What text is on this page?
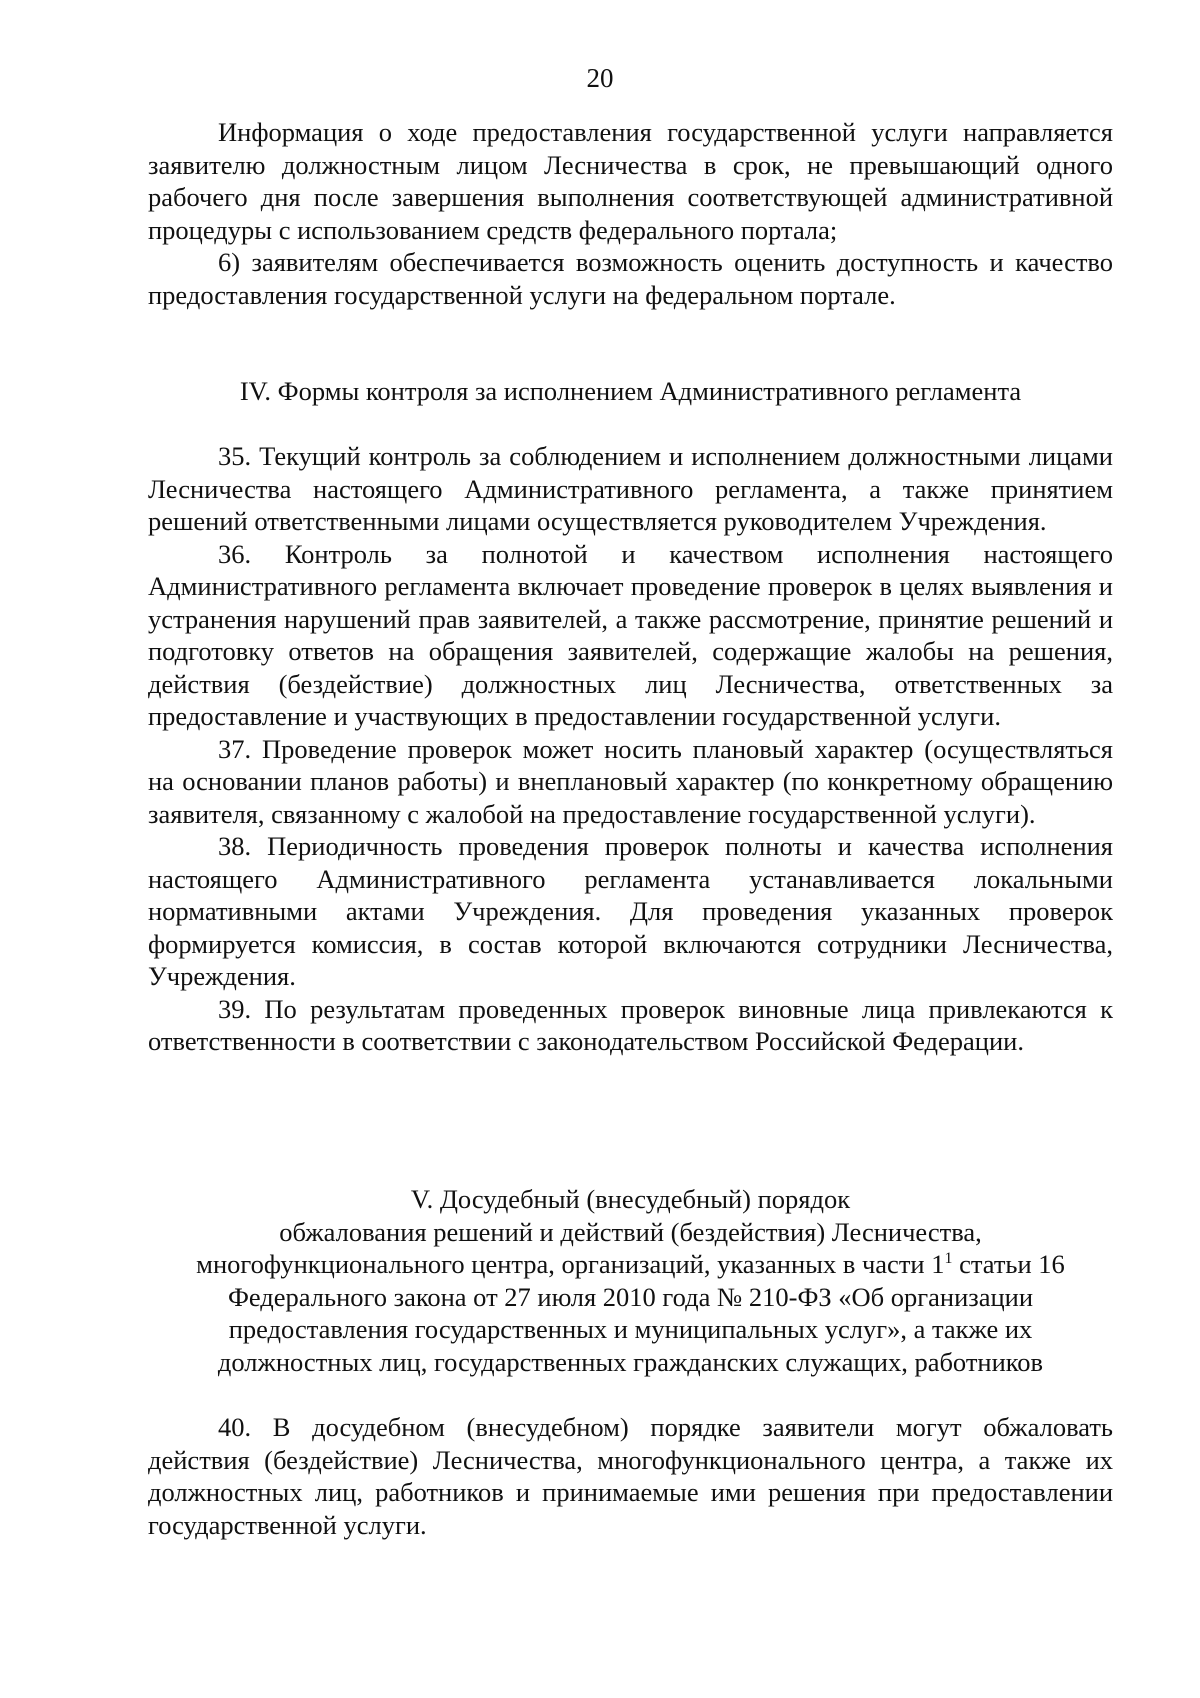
20

Информация о ходе предоставления государственной услуги направляется заявителю должностным лицом Лесничества в срок, не превышающий одного рабочего дня после завершения выполнения соответствующей административной процедуры с использованием средств федерального портала;

6) заявителям обеспечивается возможность оценить доступность и качество предоставления государственной услуги на федеральном портале.

IV. Формы контроля за исполнением Административного регламента

35. Текущий контроль за соблюдением и исполнением должностными лицами Лесничества настоящего Административного регламента, а также принятием решений ответственными лицами осуществляется руководителем Учреждения.

36. Контроль за полнотой и качеством исполнения настоящего Административного регламента включает проведение проверок в целях выявления и устранения нарушений прав заявителей, а также рассмотрение, принятие решений и подготовку ответов на обращения заявителей, содержащие жалобы на решения, действия (бездействие) должностных лиц Лесничества, ответственных за предоставление и участвующих в предоставлении государственной услуги.

37. Проведение проверок может носить плановый характер (осуществляться на основании планов работы) и внеплановый характер (по конкретному обращению заявителя, связанному с жалобой на предоставление государственной услуги).

38. Периодичность проведения проверок полноты и качества исполнения настоящего Административного регламента устанавливается локальными нормативными актами Учреждения. Для проведения указанных проверок формируется комиссия, в состав которой включаются сотрудники Лесничества, Учреждения.

39. По результатам проведенных проверок виновные лица привлекаются к ответственности в соответствии с законодательством Российской Федерации.

V. Досудебный (внесудебный) порядок
обжалования решений и действий (бездействия) Лесничества,
многофункционального центра, организаций, указанных в части $1^1$ статьи 16
Федерального закона от 27 июля 2010 года № 210-ФЗ «Об организации
предоставления государственных и муниципальных услуг», а также их
должностных лиц, государственных гражданских служащих, работников

40. В досудебном (внесудебном) порядке заявители могут обжаловать действия (бездействие) Лесничества, многофункционального центра, а также их должностных лиц, работников и принимаемые ими решения при предоставлении государственной услуги.
